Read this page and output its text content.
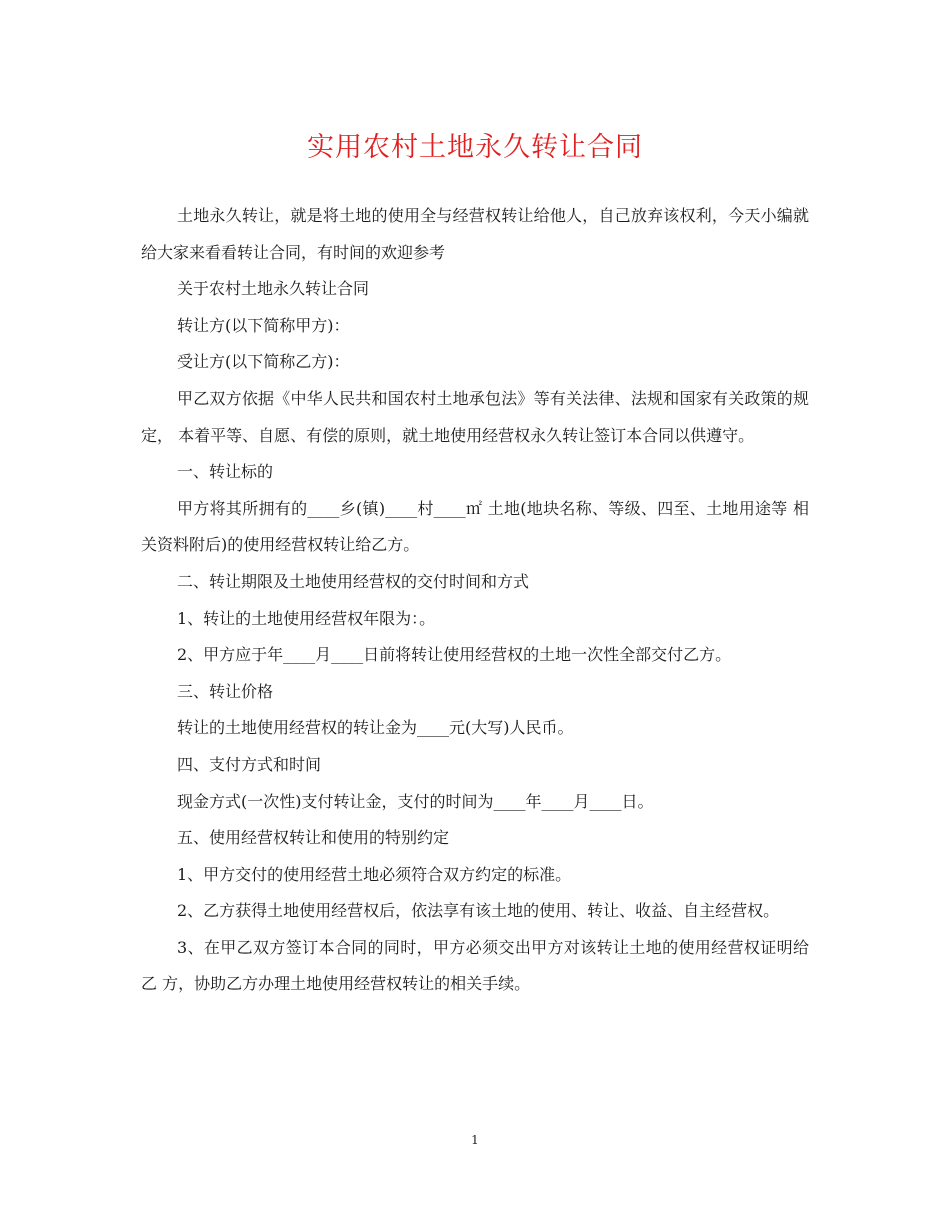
实用农村土地永久转让合同

土地永久转让，就是将土地的使用全与经营权转让给他人，自己放弃该权利，今天小编就给大家来看看转让合同，有时间的欢迎参考

关于农村土地永久转让合同

转让方(以下简称甲方)：

受让方(以下简称乙方)：

甲乙双方依据《中华人民共和国农村土地承包法》等有关法律、法规和国家有关政策的规定， 本着平等、自愿、有偿的原则，就土地使用经营权永久转让签订本合同以供遵守。

一、转让标的

甲方将其所拥有的____乡(镇)____村____㎡ 土地(地块名称、等级、四至、土地用途等 相关资料附后)的使用经营权转让给乙方。

二、转让期限及土地使用经营权的交付时间和方式

1、转让的土地使用经营权年限为：。

2、甲方应于年____月____日前将转让使用经营权的土地一次性全部交付乙方。

三、转让价格

转让的土地使用经营权的转让金为____元(大写)人民币。

四、支付方式和时间

现金方式(一次性)支付转让金，支付的时间为____年____月____日。

五、使用经营权转让和使用的特别约定

1、甲方交付的使用经营土地必须符合双方约定的标准。

2、乙方获得土地使用经营权后，依法享有该土地的使用、转让、收益、自主经营权。

3、在甲乙双方签订本合同的同时，甲方必须交出甲方对该转让土地的使用经营权证明给乙 方，协助乙方办理土地使用经营权转让的相关手续。

1
